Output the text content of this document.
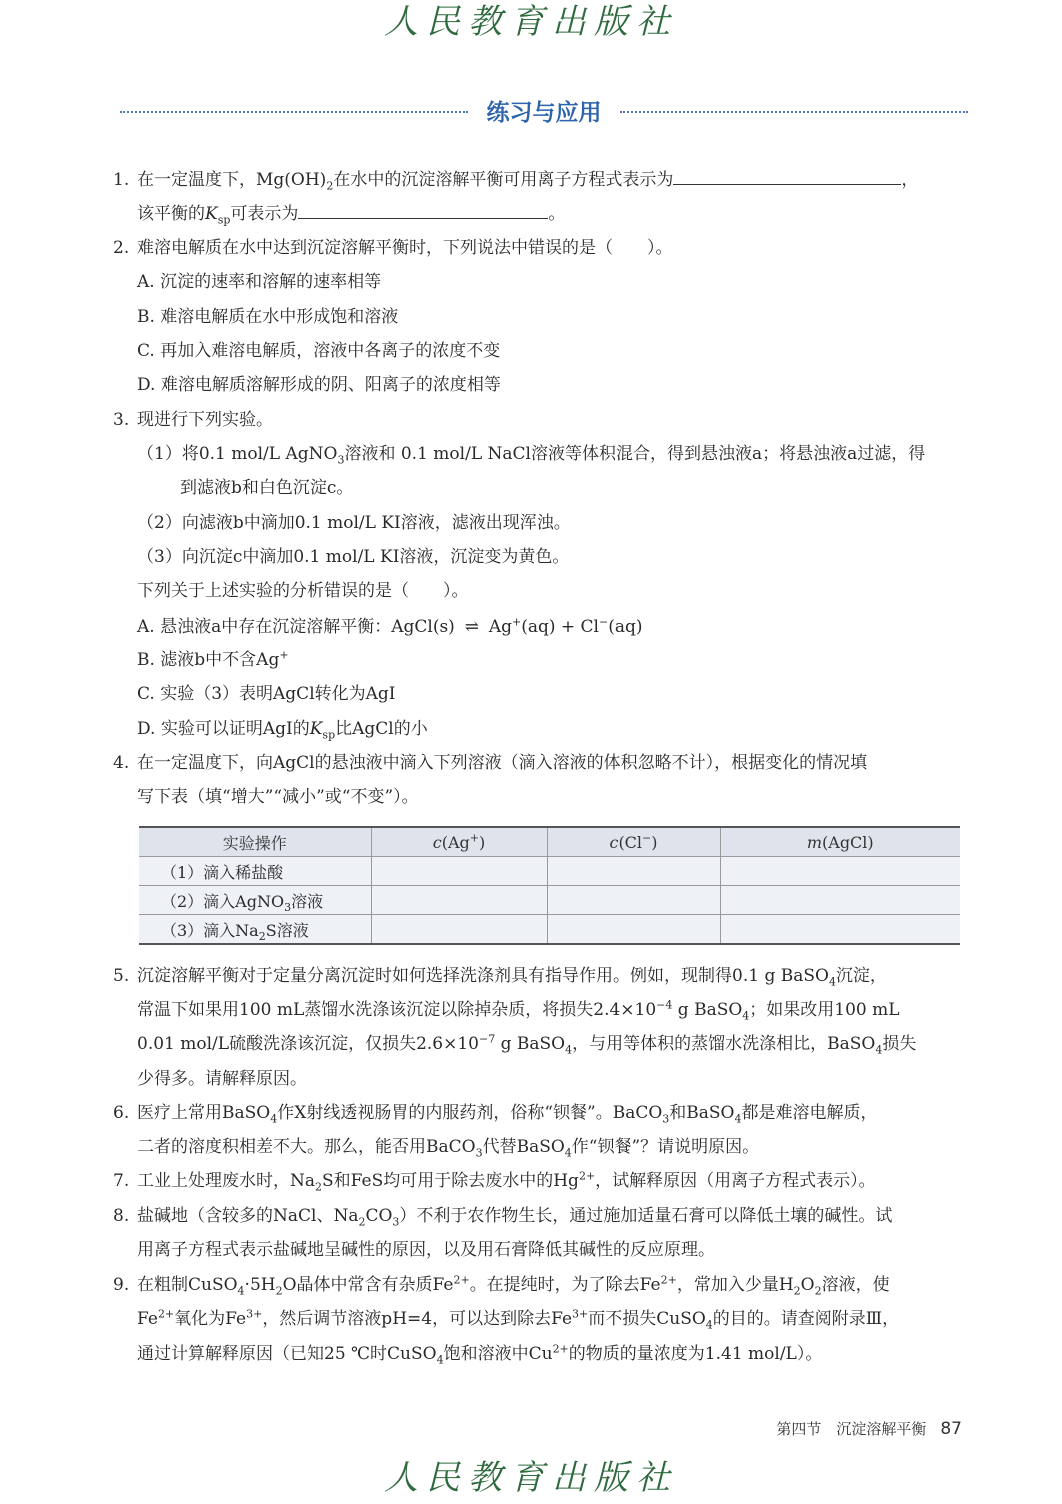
人民教育出版社
练习与应用
1. 在一定温度下，$Mg(OH)_2$在水中的沉淀溶解平衡可用离子方程式表示为	，
该平衡的$K_{sp}$可表示为	。
2. 难溶电解质在水中达到沉淀溶解平衡时，下列说法中错误的是（　　）。
A. 沉淀的速率和溶解的速率相等
B. 难溶电解质在水中形成饱和溶液
C. 再加入难溶电解质，溶液中各离子的浓度不变
D. 难溶电解质溶解形成的阴、阳离子的浓度相等
3. 现进行下列实验。
（1）将0.1 mol/L AgNO$_3$溶液和 0.1 mol/L NaCl溶液等体积混合，得到悬浊液a；将悬浊液a过滤，得
到滤液b和白色沉淀c。
（2）向滤液b中滴加0.1 mol/L KI溶液，滤液出现浑浊。
（3）向沉淀c中滴加0.1 mol/L KI溶液，沉淀变为黄色。
下列关于上述实验的分析错误的是（　　）。
A. 悬浊液a中存在沉淀溶解平衡：AgCl(s) ⇌ Ag+(aq) + Cl−(aq)
B. 滤液b中不含Ag+
C. 实验（3）表明AgCl转化为AgI
D. 实验可以证明AgI的$K_{sp}$比AgCl的小
4. 在一定温度下，向AgCl的悬浊液中滴入下列溶液（滴入溶液的体积忽略不计），根据变化的情况填
写下表（填“增大”“减小”或“不变”）。
实验操作	c(Ag+)	c(Cl−)	m(AgCl)
（1）滴入稀盐酸			
（2）滴入AgNO$_3$溶液			
（3）滴入$Na_2S$溶液			
5. 沉淀溶解平衡对于定量分离沉淀时如何选择洗涤剂具有指导作用。例如，现制得0.1 g BaSO$_4$沉淀，
常温下如果用100 mL蒸馏水洗涤该沉淀以除掉杂质，将损失$2.4\times 10^{-4}$ g BaSO$_4$；如果改用100 mL
0.01 mol/L硫酸洗涤该沉淀，仅损失$2.6\times 10^{-7}$ g BaSO$_4$，与用等体积的蒸馏水洗涤相比，BaSO$_4$损失
少得多。请解释原因。
6. 医疗上常用BaSO$_4$作X射线透视肠胃的内服药剂，俗称“钡餐”。BaCO$_3$和BaSO$_4$都是难溶电解质，
二者的溶度积相差不大。那么，能否用BaCO$_3$代替BaSO$_4$作“钡餐”？请说明原因。
7. 工业上处理废水时，$Na_2S$和FeS均可用于除去废水中的$Hg^{2+}$，试解释原因（用离子方程式表示）。
8. 盐碱地（含较多的NaCl、$Na_2CO_3$）不利于农作物生长，通过施加适量石膏可以降低土壤的碱性。试
用离子方程式表示盐碱地呈碱性的原因，以及用石膏降低其碱性的反应原理。
9. 在粗制$CuSO_4\cdot 5H_2O$晶体中常含有杂质$Fe^{2+}$。在提纯时，为了除去$Fe^{2+}$，常加入少量$H_2O_2$溶液，使
$Fe^{2+}$氧化为$Fe^{3+}$，然后调节溶液pH=4，可以达到除去$Fe^{3+}$而不损失CuSO$_4$的目的。请查阅附录Ⅲ，
通过计算解释原因（已知25 ℃时CuSO$_4$饱和溶液中$Cu^{2+}$的物质的量浓度为1.41 mol/L）。
第四节　沉淀溶解平衡 87
人民教育出版社
